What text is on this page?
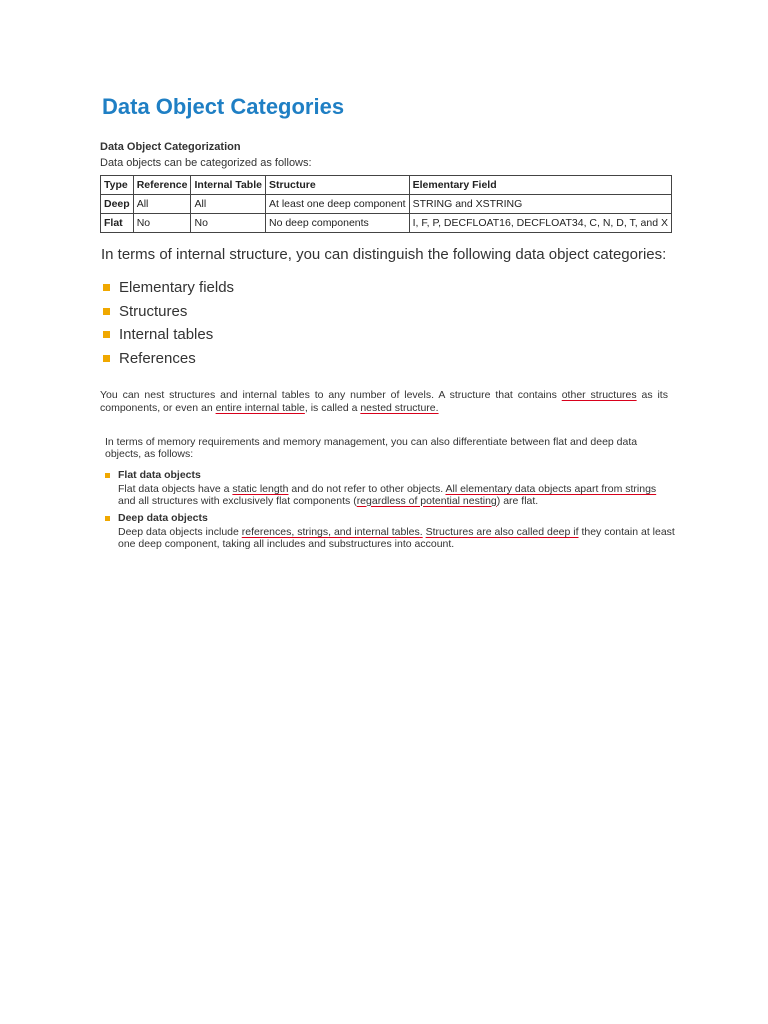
Data Object Categories
Data Object Categorization
Data objects can be categorized as follows:
Type	Reference	Internal Table	Structure	Elementary Field
Deep	All	All	At least one deep component	STRING and XSTRING
Flat	No	No	No deep components	I, F, P, DECFLOAT16, DECFLOAT34, C, N, D, T, and X
In terms of internal structure, you can distinguish the following data object categories:
Elementary fields
Structures
Internal tables
References

You can nest structures and internal tables to any number of levels. A structure that contains other structures as its components, or even an entire internal table, is called a nested structure.

In terms of memory requirements and memory management, you can also differentiate between flat and deep data objects, as follows:

Flat data objects
Flat data objects have a static length and do not refer to other objects. All elementary data objects apart from strings and all structures with exclusively flat components (regardless of potential nesting) are flat.
Deep data objects
Deep data objects include references, strings, and internal tables. Structures are also called deep if they contain at least one deep component, taking all includes and substructures into account.
